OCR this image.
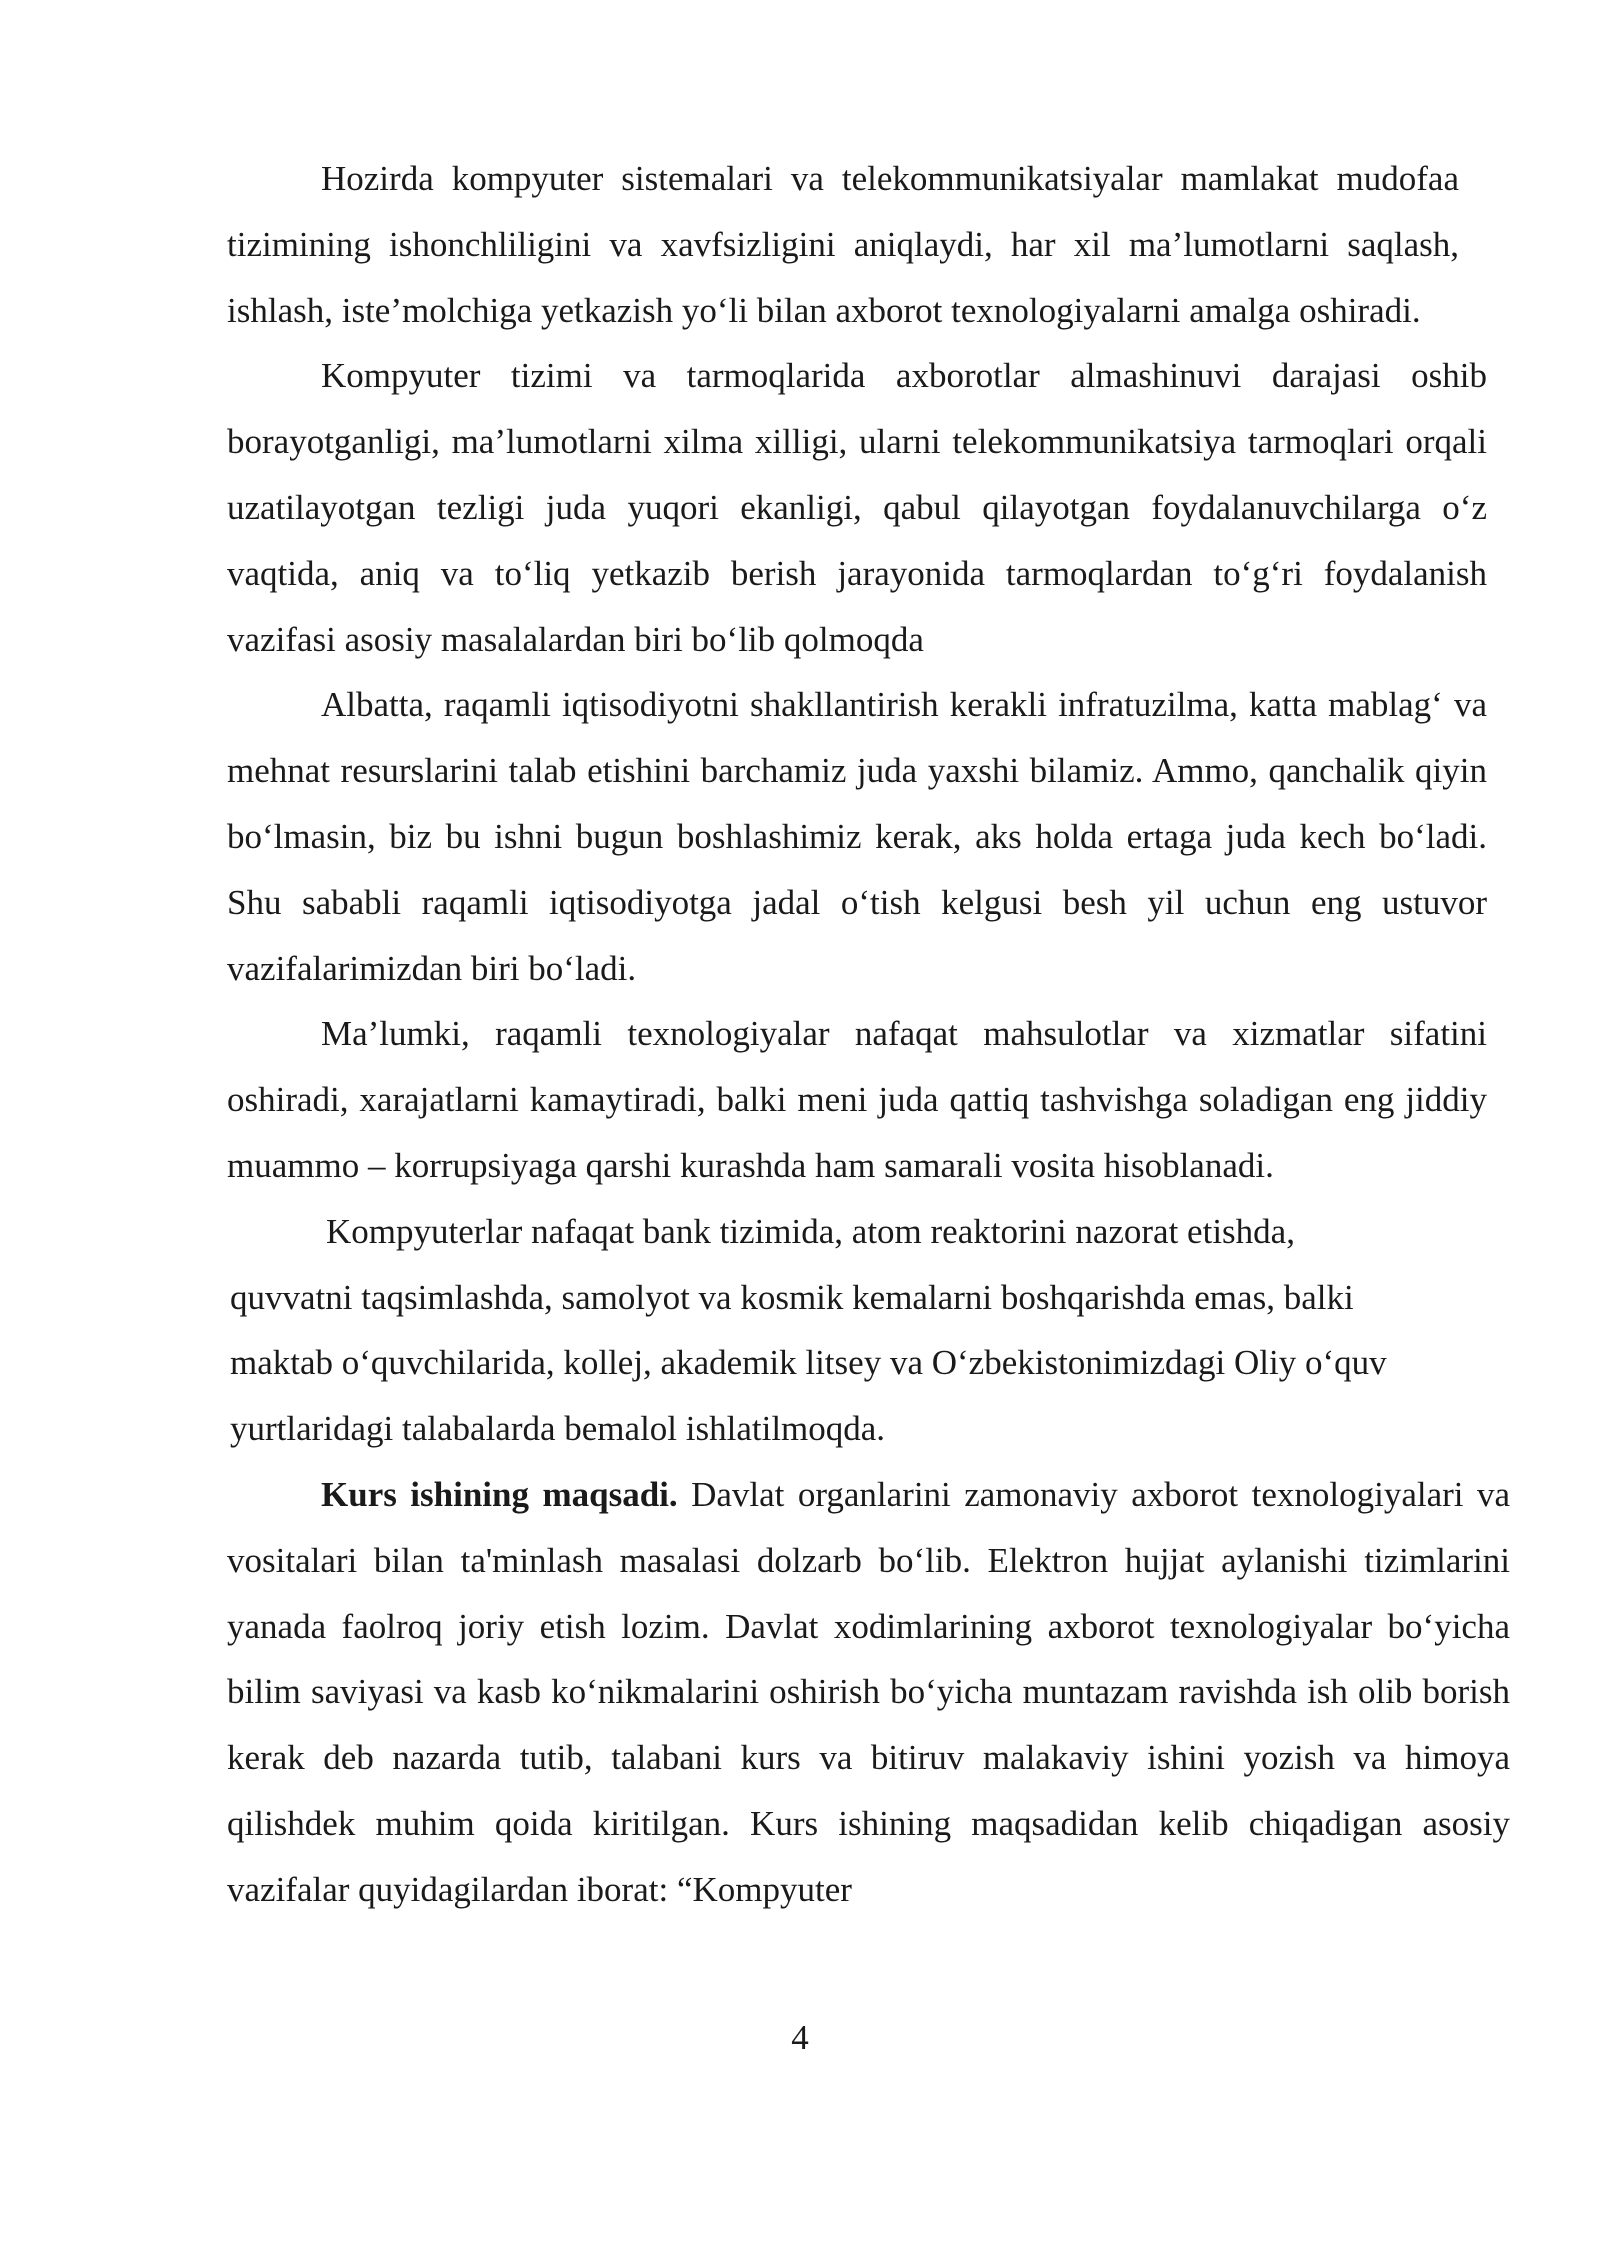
Hozirda kompyuter sistemalari va telekommunikatsiyalar mamlakat mudofaa tizimining ishonchliligini va xavfsizligini aniqlaydi, har xil ma’lumotlarni saqlash, ishlash, iste’molchiga yetkazish yo‘li bilan axborot texnologiyalarni amalga oshiradi.

Kompyuter tizimi va tarmoqlarida axborotlar almashinuvi darajasi oshib borayotganligi, ma’lumotlarni xilma xilligi, ularni telekommunikatsiya tarmoqlari orqali uzatilayotgan tezligi juda yuqori ekanligi, qabul qilayotgan foydalanuvchilarga o‘z vaqtida, aniq va to‘liq yetkazib berish jarayonida tarmoqlardan to‘g‘ri foydalanish vazifasi asosiy masalalardan biri bo‘lib qolmoqda

Albatta, raqamli iqtisodiyotni shakllantirish kerakli infratuzilma, katta mablag‘ va mehnat resurslarini talab etishini barchamiz juda yaxshi bilamiz. Ammo, qanchalik qiyin bo‘lmasin, biz bu ishni bugun boshlashimiz kerak, aks holda ertaga juda kech bo‘ladi. Shu sababli raqamli iqtisodiyotga jadal o‘tish kelgusi besh yil uchun eng ustuvor vazifalarimizdan biri bo‘ladi.

Ma’lumki, raqamli texnologiyalar nafaqat mahsulotlar va xizmatlar sifatini oshiradi, xarajatlarni kamaytiradi, balki meni juda qattiq tashvishga soladigan eng jiddiy muammo – korrupsiyaga qarshi kurashda ham samarali vosita hisoblanadi.

Kompyuterlar nafaqat bank tizimida, atom reaktorini nazorat etishda, quvvatni taqsimlashda, samolyot va kosmik kemalarni boshqarishda emas, balki maktab o‘quvchilarida, kollej, akademik litsey va O‘zbekistonimizdagi Oliy o‘quv yurtlaridagi talabalarda bemalol ishlatilmoqda.

Kurs ishining maqsadi. Davlat organlarini zamonaviy axborot texnologiyalari va vositalari bilan ta'minlash masalasi dolzarb bo‘lib. Elektron hujjat aylanishi tizimlarini yanada faolroq joriy etish lozim. Davlat xodimlarining axborot texnologiyalar bo‘yicha bilim saviyasi va kasb ko‘nikmalarini oshirish bo‘yicha muntazam ravishda ish olib borish kerak deb nazarda tutib, talabani kurs va bitiruv malakaviy ishini yozish va himoya qilishdek muhim qoida kiritilgan. Kurs ishining maqsadidan kelib chiqadigan asosiy vazifalar quyidagilardan iborat: “Kompyuter

4
